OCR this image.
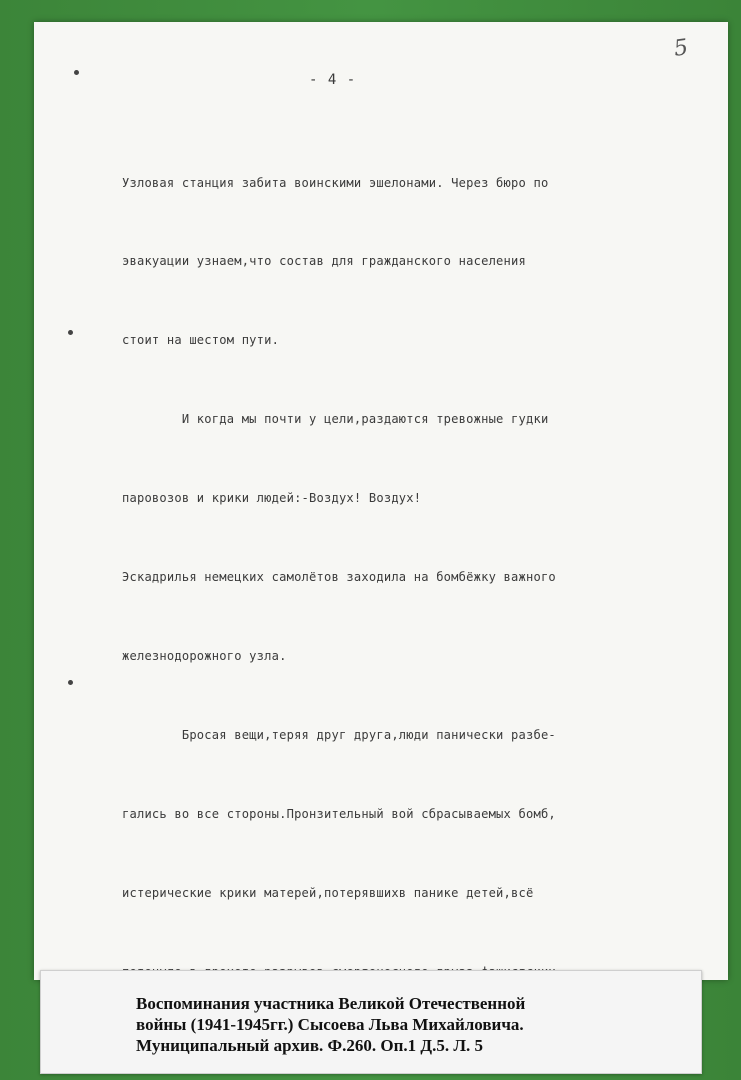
5
- 4 -

Узловая станция забита воинскими эшелонами. Через бюро по

эвакуации узнаем,что состав для гражданского населения

стоит на шестом пути.

И когда мы почти у цели,раздаются тревожные гудки

паровозов и крики людей:-Воздух! Воздух!

Эскадрилья немецких самолётов заходила на бомбёжку важного

железнодорожного узла.

Бросая вещи,теряя друг друга,люди панически разбе-

гались во все стороны.Пронзительный вой сбрасываемых бомб,

истерические крики матерей,потерявшихв панике детей,всё

Воспоминания участника Великой Отечественной
войны (1941-1945гг.) Сысоева Льва Михайловича.
Муниципальный архив. Ф.260. Оп.1 Д.5. Л. 5
